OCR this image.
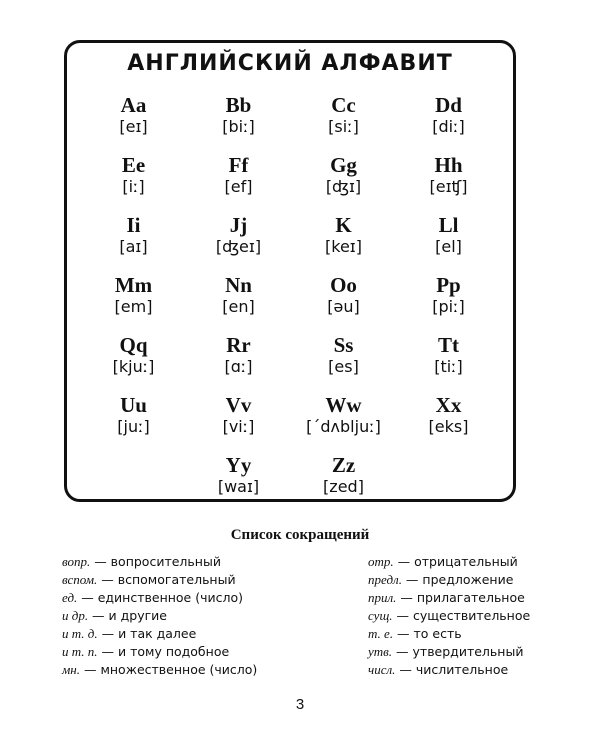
АНГЛИЙСКИЙ АЛФАВИТ
Aa
[eɪ]
Bb
[biː]
Cc
[siː]
Dd
[diː]
Ee
[iː]
Ff
[ef]
Gg
[ʤɪ]
Hh
[eɪʧ]
Ii
[aɪ]
Jj
[ʤeɪ]
K
[keɪ]
Ll
[el]
Mm
[em]
Nn
[en]
Oo
[əu]
Pp
[piː]
Qq
[kjuː]
Rr
[ɑː]
Ss
[es]
Tt
[tiː]
Uu
[juː]
Vv
[viː]
Ww
[ˊdʌbljuː]
Xx
[eks]
Yy
[waɪ]
Zz
[zed]
Список сокращений
вопр. — вопросительный
вспом. — вспомогательный
ед. — единственное (число)
и др. — и другие
и т. д. — и так далее
и т. п. — и тому подобное
мн. — множественное (число)
отр. — отрицательный
предл. — предложение
прил. — прилагательное
сущ. — существительное
т. е. — то есть
утв. — утвердительный
числ. — числительное
3
